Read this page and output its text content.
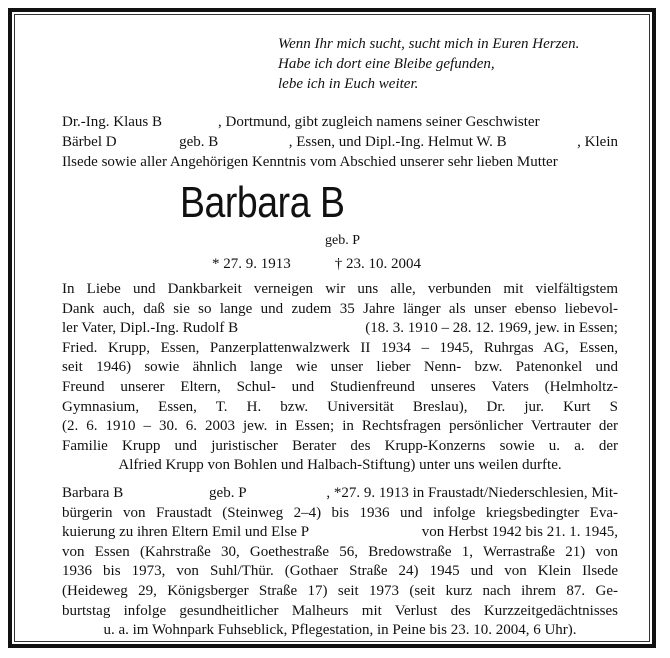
Wenn Ihr mich sucht, sucht mich in Euren Herzen.
Habe ich dort eine Bleibe gefunden,
lebe ich in Euch weiter.
Dr.-Ing. Klaus B	, Dortmund, gibt zugleich namens seiner Geschwister
Bärbel D	geb. B	, Essen, und Dipl.-Ing. Helmut W. B	, Klein
Ilsede sowie aller Angehörigen Kenntnis vom Abschied unserer sehr lieben Mutter
Barbara B
geb. P
* 27. 9. 1913	† 23. 10. 2004
In Liebe und Dankbarkeit verneigen wir uns alle, verbunden mit vielfältigstem
Dank auch, daß sie so lange und zudem 35 Jahre länger als unser ebenso liebevol-
ler Vater, Dipl.-Ing. Rudolf B	(18. 3. 1910 – 28. 12. 1969, jew. in Essen;
Fried. Krupp, Essen, Panzerplattenwalzwerk II 1934 – 1945, Ruhrgas AG, Essen,
seit 1946) sowie ähnlich lange wie unser lieber Nenn- bzw. Patenonkel und
Freund unserer Eltern, Schul- und Studienfreund unseres Vaters (Helmholtz-
Gymnasium, Essen, T. H. bzw. Universität Breslau), Dr. jur. Kurt S
(2. 6. 1910 – 30. 6. 2003 jew. in Essen; in Rechtsfragen persönlicher Vertrauter der
Familie Krupp und juristischer Berater des Krupp-Konzerns sowie u. a. der
Alfried Krupp von Bohlen und Halbach-Stiftung) unter uns weilen durfte.
Barbara B	geb. P	, *27. 9. 1913 in Fraustadt/Niederschlesien, Mit-
bürgerin von Fraustadt (Steinweg 2–4) bis 1936 und infolge kriegsbedingter Eva-
kuierung zu ihren Eltern Emil und Else P	von Herbst 1942 bis 21. 1. 1945,
von Essen (Kahrstraße 30, Goethestraße 56, Bredowstraße 1, Werrastraße 21) von
1936 bis 1973, von Suhl/Thür. (Gothaer Straße 24) 1945 und von Klein Ilsede
(Heideweg 29, Königsberger Straße 17) seit 1973 (seit kurz nach ihrem 87. Ge-
burtstag infolge gesundheitlicher Malheurs mit Verlust des Kurzzeitgedächtnisses
u. a. im Wohnpark Fuhseblick, Pflegestation, in Peine bis 23. 10. 2004, 6 Uhr).
